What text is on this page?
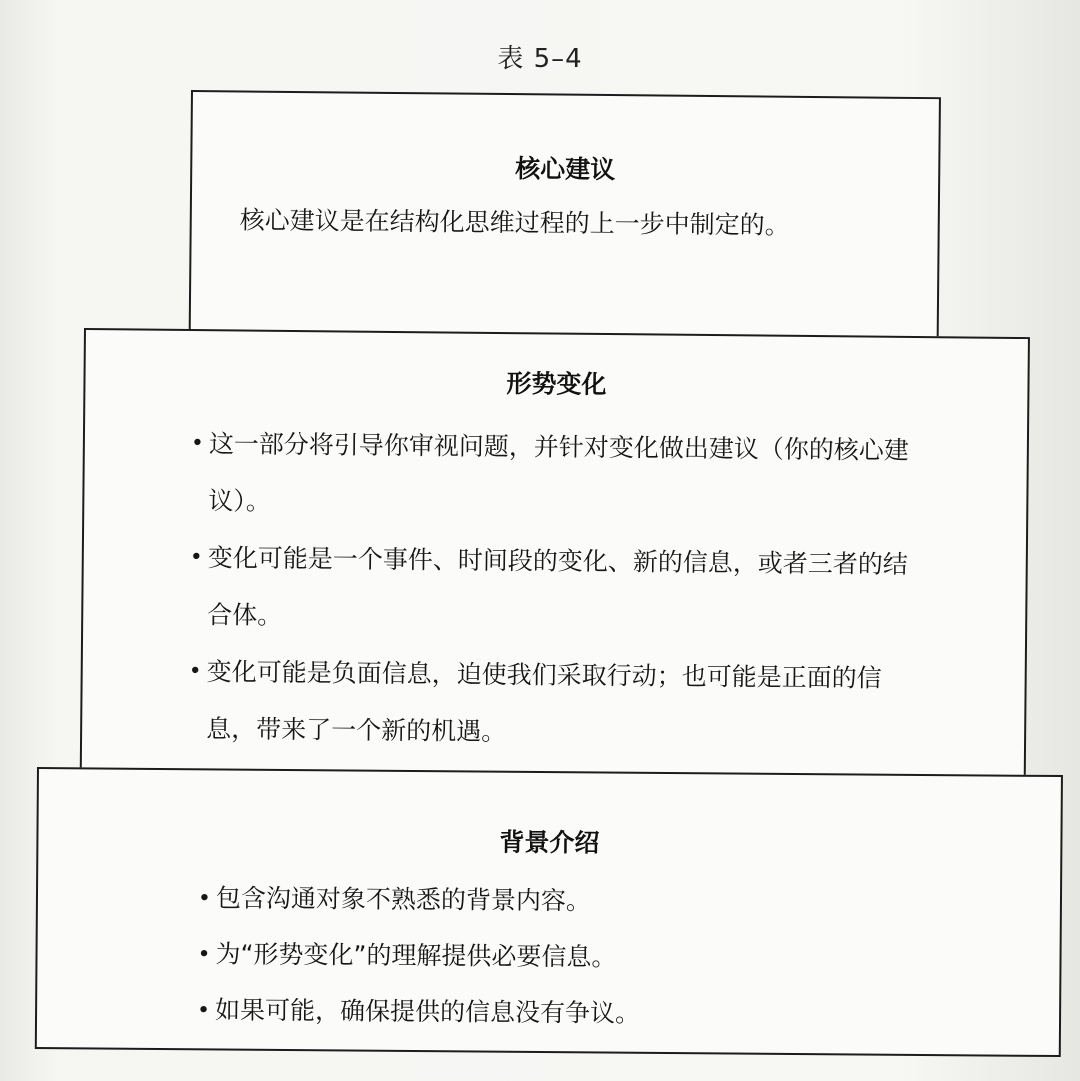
表 5–4
核心建议
核心建议是在结构化思维过程的上一步中制定的。
形势变化
• 这一部分将引导你审视问题，并针对变化做出建议（你的核心建议）。
• 变化可能是一个事件、时间段的变化、新的信息，或者三者的结合体。
• 变化可能是负面信息，迫使我们采取行动；也可能是正面的信息，带来了一个新的机遇。
背景介绍
• 包含沟通对象不熟悉的背景内容。
• 为“形势变化”的理解提供必要信息。
• 如果可能，确保提供的信息没有争议。
